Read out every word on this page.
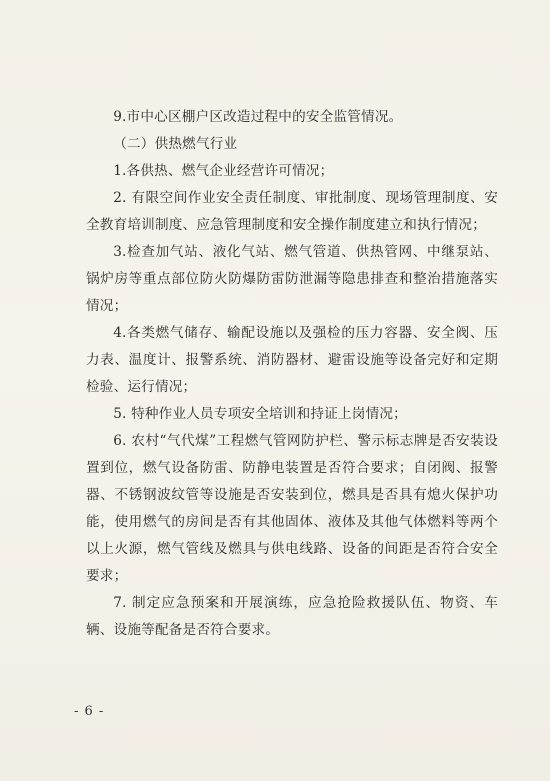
9.市中心区棚户区改造过程中的安全监管情况。

（二）供热燃气行业

1.各供热、燃气企业经营许可情况；

2. 有限空间作业安全责任制度、审批制度、现场管理制度、安全教育培训制度、应急管理制度和安全操作制度建立和执行情况；

3.检查加气站、液化气站、燃气管道、供热管网、中继泵站、锅炉房等重点部位防火防爆防雷防泄漏等隐患排查和整治措施落实情况；

4.各类燃气储存、输配设施以及强检的压力容器、安全阀、压力表、温度计、报警系统、消防器材、避雷设施等设备完好和定期检验、运行情况；

5. 特种作业人员专项安全培训和持证上岗情况；

6. 农村“气代煤”工程燃气管网防护栏、警示标志牌是否安装设置到位，燃气设备防雷、防静电装置是否符合要求；自闭阀、报警器、不锈钢波纹管等设施是否安装到位，燃具是否具有熄火保护功能，使用燃气的房间是否有其他固体、液体及其他气体燃料等两个以上火源，燃气管线及燃具与供电线路、设备的间距是否符合安全要求；

7. 制定应急预案和开展演练，应急抢险救援队伍、物资、车辆、设施等配备是否符合要求。

- 6 -
